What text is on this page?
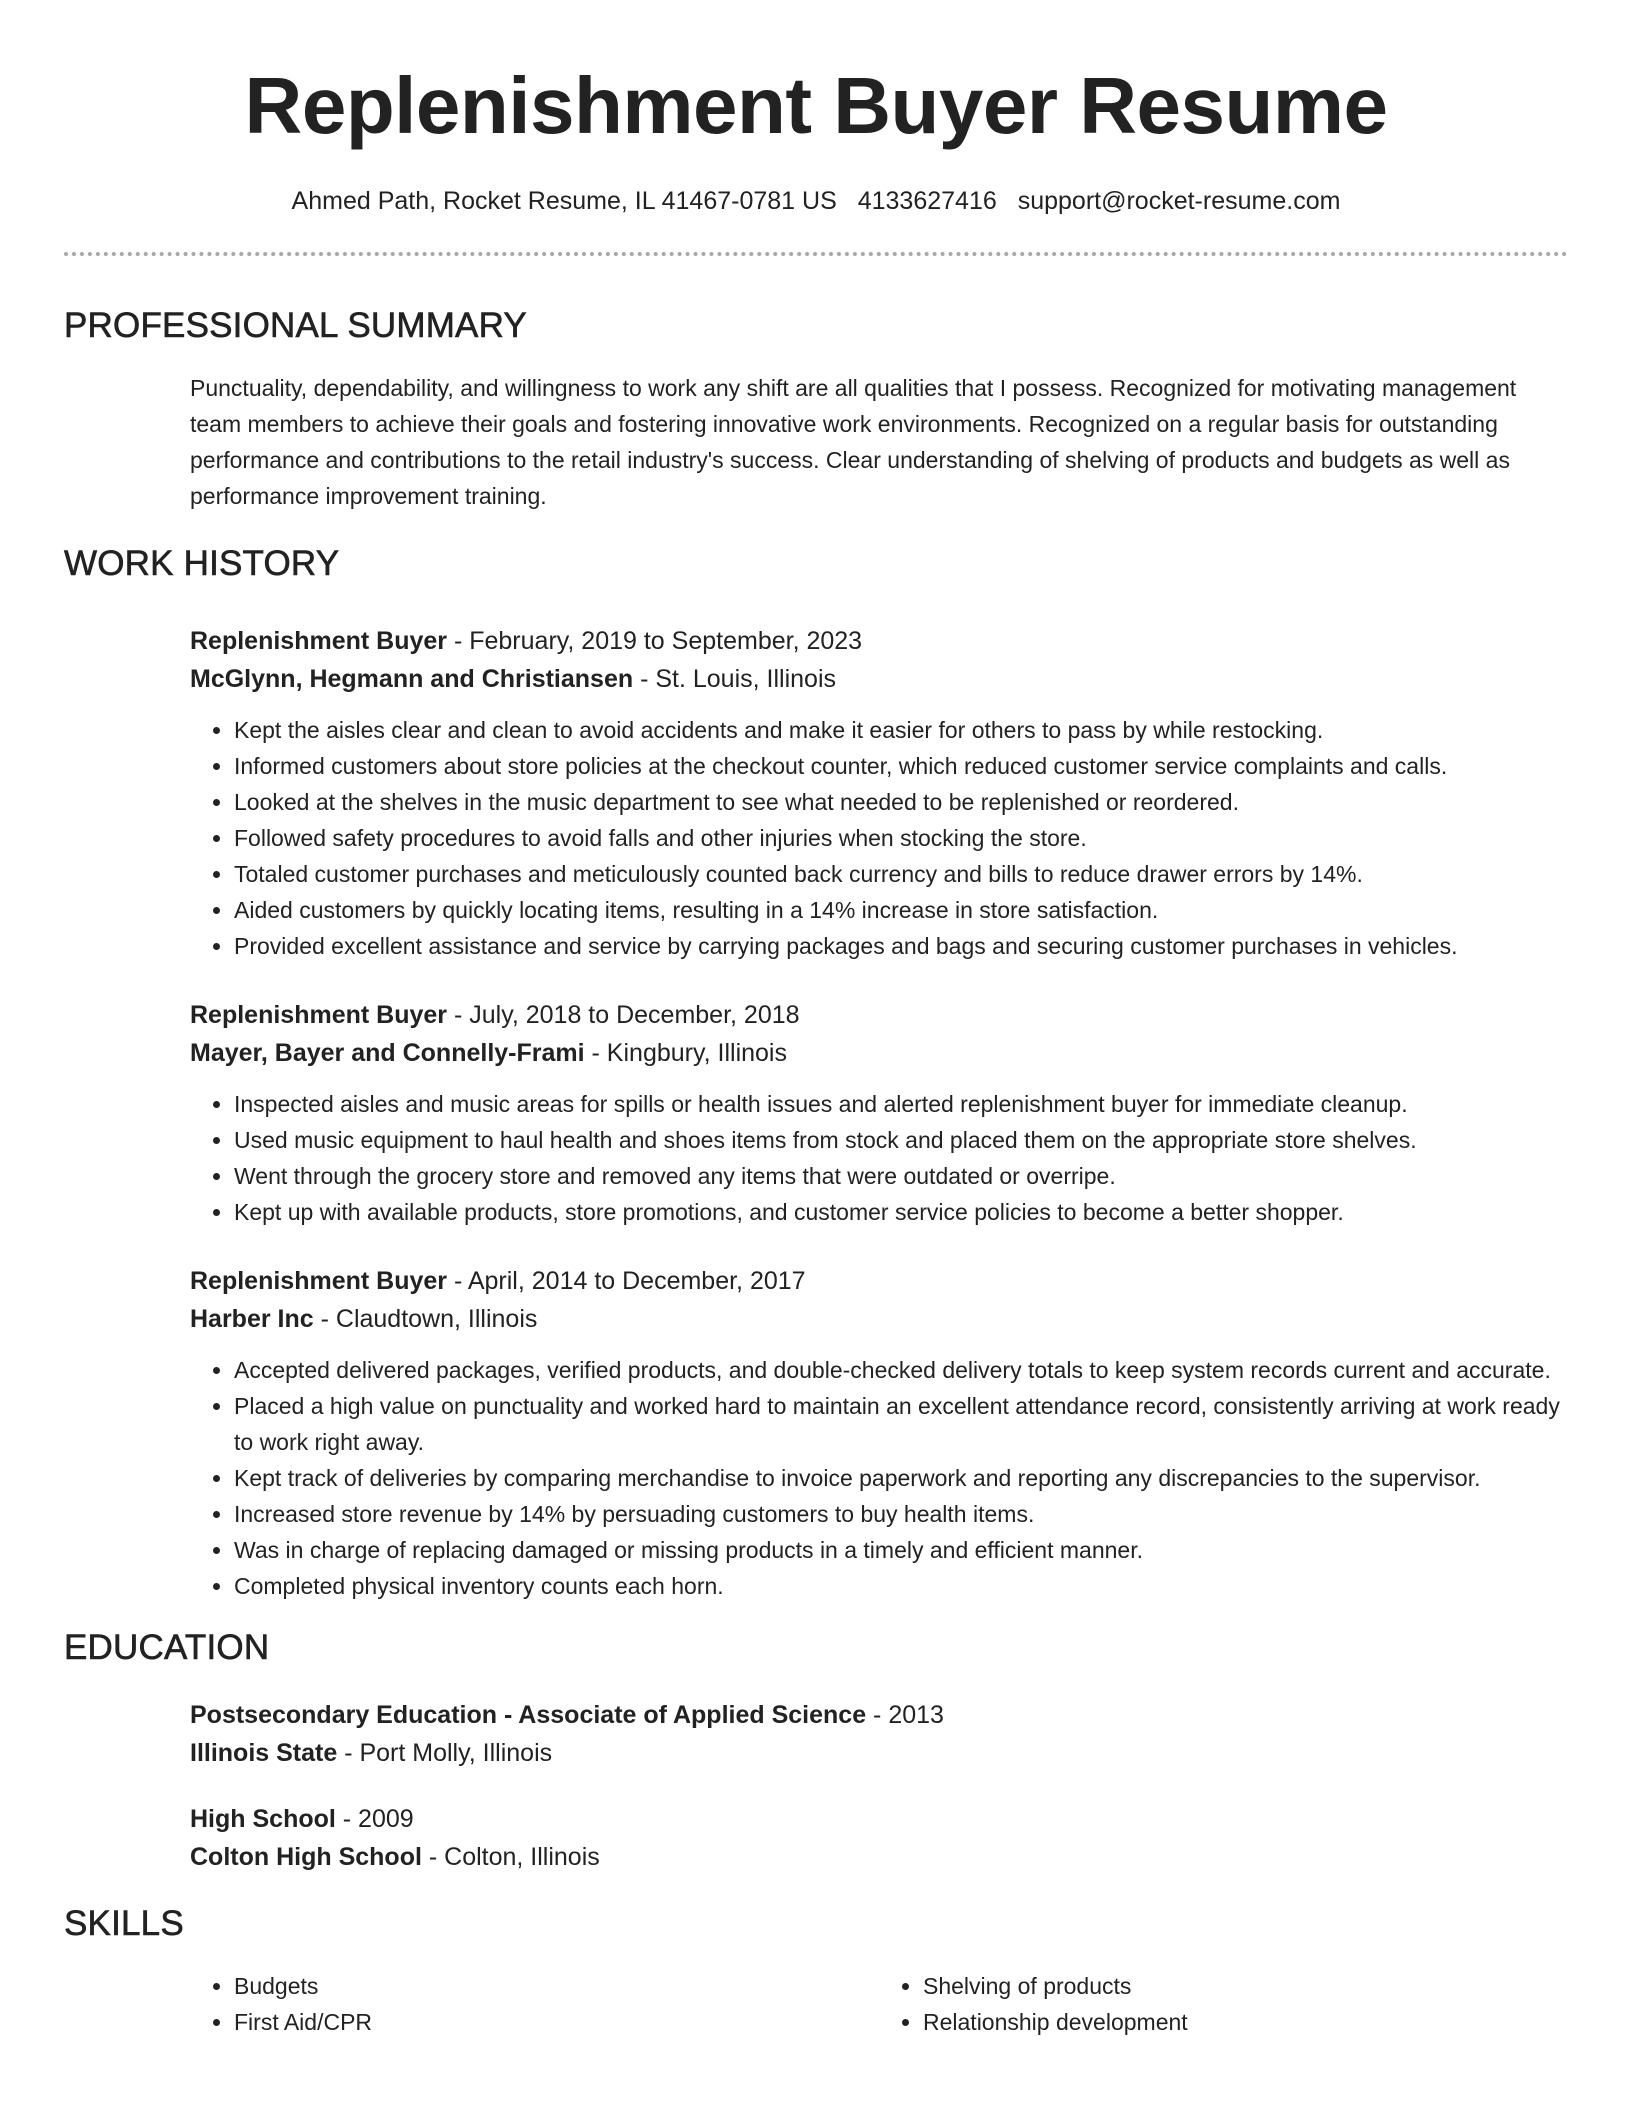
Replenishment Buyer Resume
Ahmed Path, Rocket Resume, IL 41467-0781 US 4133627416 support@rocket-resume.com
PROFESSIONAL SUMMARY
Punctuality, dependability, and willingness to work any shift are all qualities that I possess. Recognized for motivating management team members to achieve their goals and fostering innovative work environments. Recognized on a regular basis for outstanding performance and contributions to the retail industry's success. Clear understanding of shelving of products and budgets as well as performance improvement training.
WORK HISTORY
Replenishment Buyer - February, 2019 to September, 2023
McGlynn, Hegmann and Christiansen - St. Louis, Illinois
• Kept the aisles clear and clean to avoid accidents and make it easier for others to pass by while restocking.
• Informed customers about store policies at the checkout counter, which reduced customer service complaints and calls.
• Looked at the shelves in the music department to see what needed to be replenished or reordered.
• Followed safety procedures to avoid falls and other injuries when stocking the store.
• Totaled customer purchases and meticulously counted back currency and bills to reduce drawer errors by 14%.
• Aided customers by quickly locating items, resulting in a 14% increase in store satisfaction.
• Provided excellent assistance and service by carrying packages and bags and securing customer purchases in vehicles.
Replenishment Buyer - July, 2018 to December, 2018
Mayer, Bayer and Connelly-Frami - Kingbury, Illinois
• Inspected aisles and music areas for spills or health issues and alerted replenishment buyer for immediate cleanup.
• Used music equipment to haul health and shoes items from stock and placed them on the appropriate store shelves.
• Went through the grocery store and removed any items that were outdated or overripe.
• Kept up with available products, store promotions, and customer service policies to become a better shopper.
Replenishment Buyer - April, 2014 to December, 2017
Harber Inc - Claudtown, Illinois
• Accepted delivered packages, verified products, and double-checked delivery totals to keep system records current and accurate.
• Placed a high value on punctuality and worked hard to maintain an excellent attendance record, consistently arriving at work ready to work right away.
• Kept track of deliveries by comparing merchandise to invoice paperwork and reporting any discrepancies to the supervisor.
• Increased store revenue by 14% by persuading customers to buy health items.
• Was in charge of replacing damaged or missing products in a timely and efficient manner.
• Completed physical inventory counts each horn.
EDUCATION
Postsecondary Education - Associate of Applied Science - 2013
Illinois State - Port Molly, Illinois
High School - 2009
Colton High School - Colton, Illinois
SKILLS
• Budgets
• First Aid/CPR
• Shelving of products
• Relationship development
